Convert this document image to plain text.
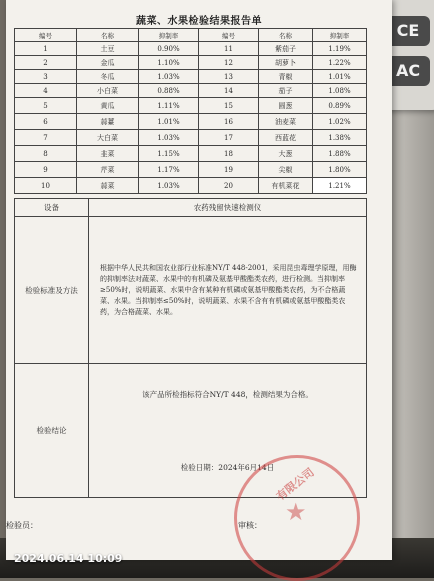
CE
AC
蔬菜、水果检验结果报告单
编号	名称	抑制率	编号	名称	抑制率
1	土豆	0.90%	11	紫茄子	1.19%
2	金瓜	1.10%	12	胡萝卜	1.22%
3	冬瓜	1.03%	13	青椒	1.01%
4	小白菜	0.88%	14	茄子	1.08%
5	黄瓜	1.11%	15	圆葱	0.89%
6	蒜薹	1.01%	16	油麦菜	1.02%
7	大白菜	1.03%	17	西蓝花	1.38%
8	韭菜	1.15%	18	大葱	1.88%
9	芹菜	1.17%	19	尖椒	1.80%
10	蒜菜	1.03%	20	有机菜花	1.21%
设备	农药残留快速检测仪
检验标准及方法	根据中华人民共和国农业部行业标准NY/T 448-2001，采用昆虫毒理学原理，用酶的抑制率法对蔬菜、水果中的有机磷及氨基甲酸酯类农药，进行检测。当抑制率≥50%时，说明蔬菜、水果中含有某种有机磷或氨基甲酸酯类农药，为不合格蔬菜、水果。当抑制率≤50%时，说明蔬菜、水果不含有有机磷或氨基甲酸酯类农药，为合格蔬菜、水果。

检验结论	该产品所检指标符合NY/T 448，检测结果为合格。
检验日期：2024年6月14日
检验员：	审核： ★
有限公司
2024.06.14 10:09
